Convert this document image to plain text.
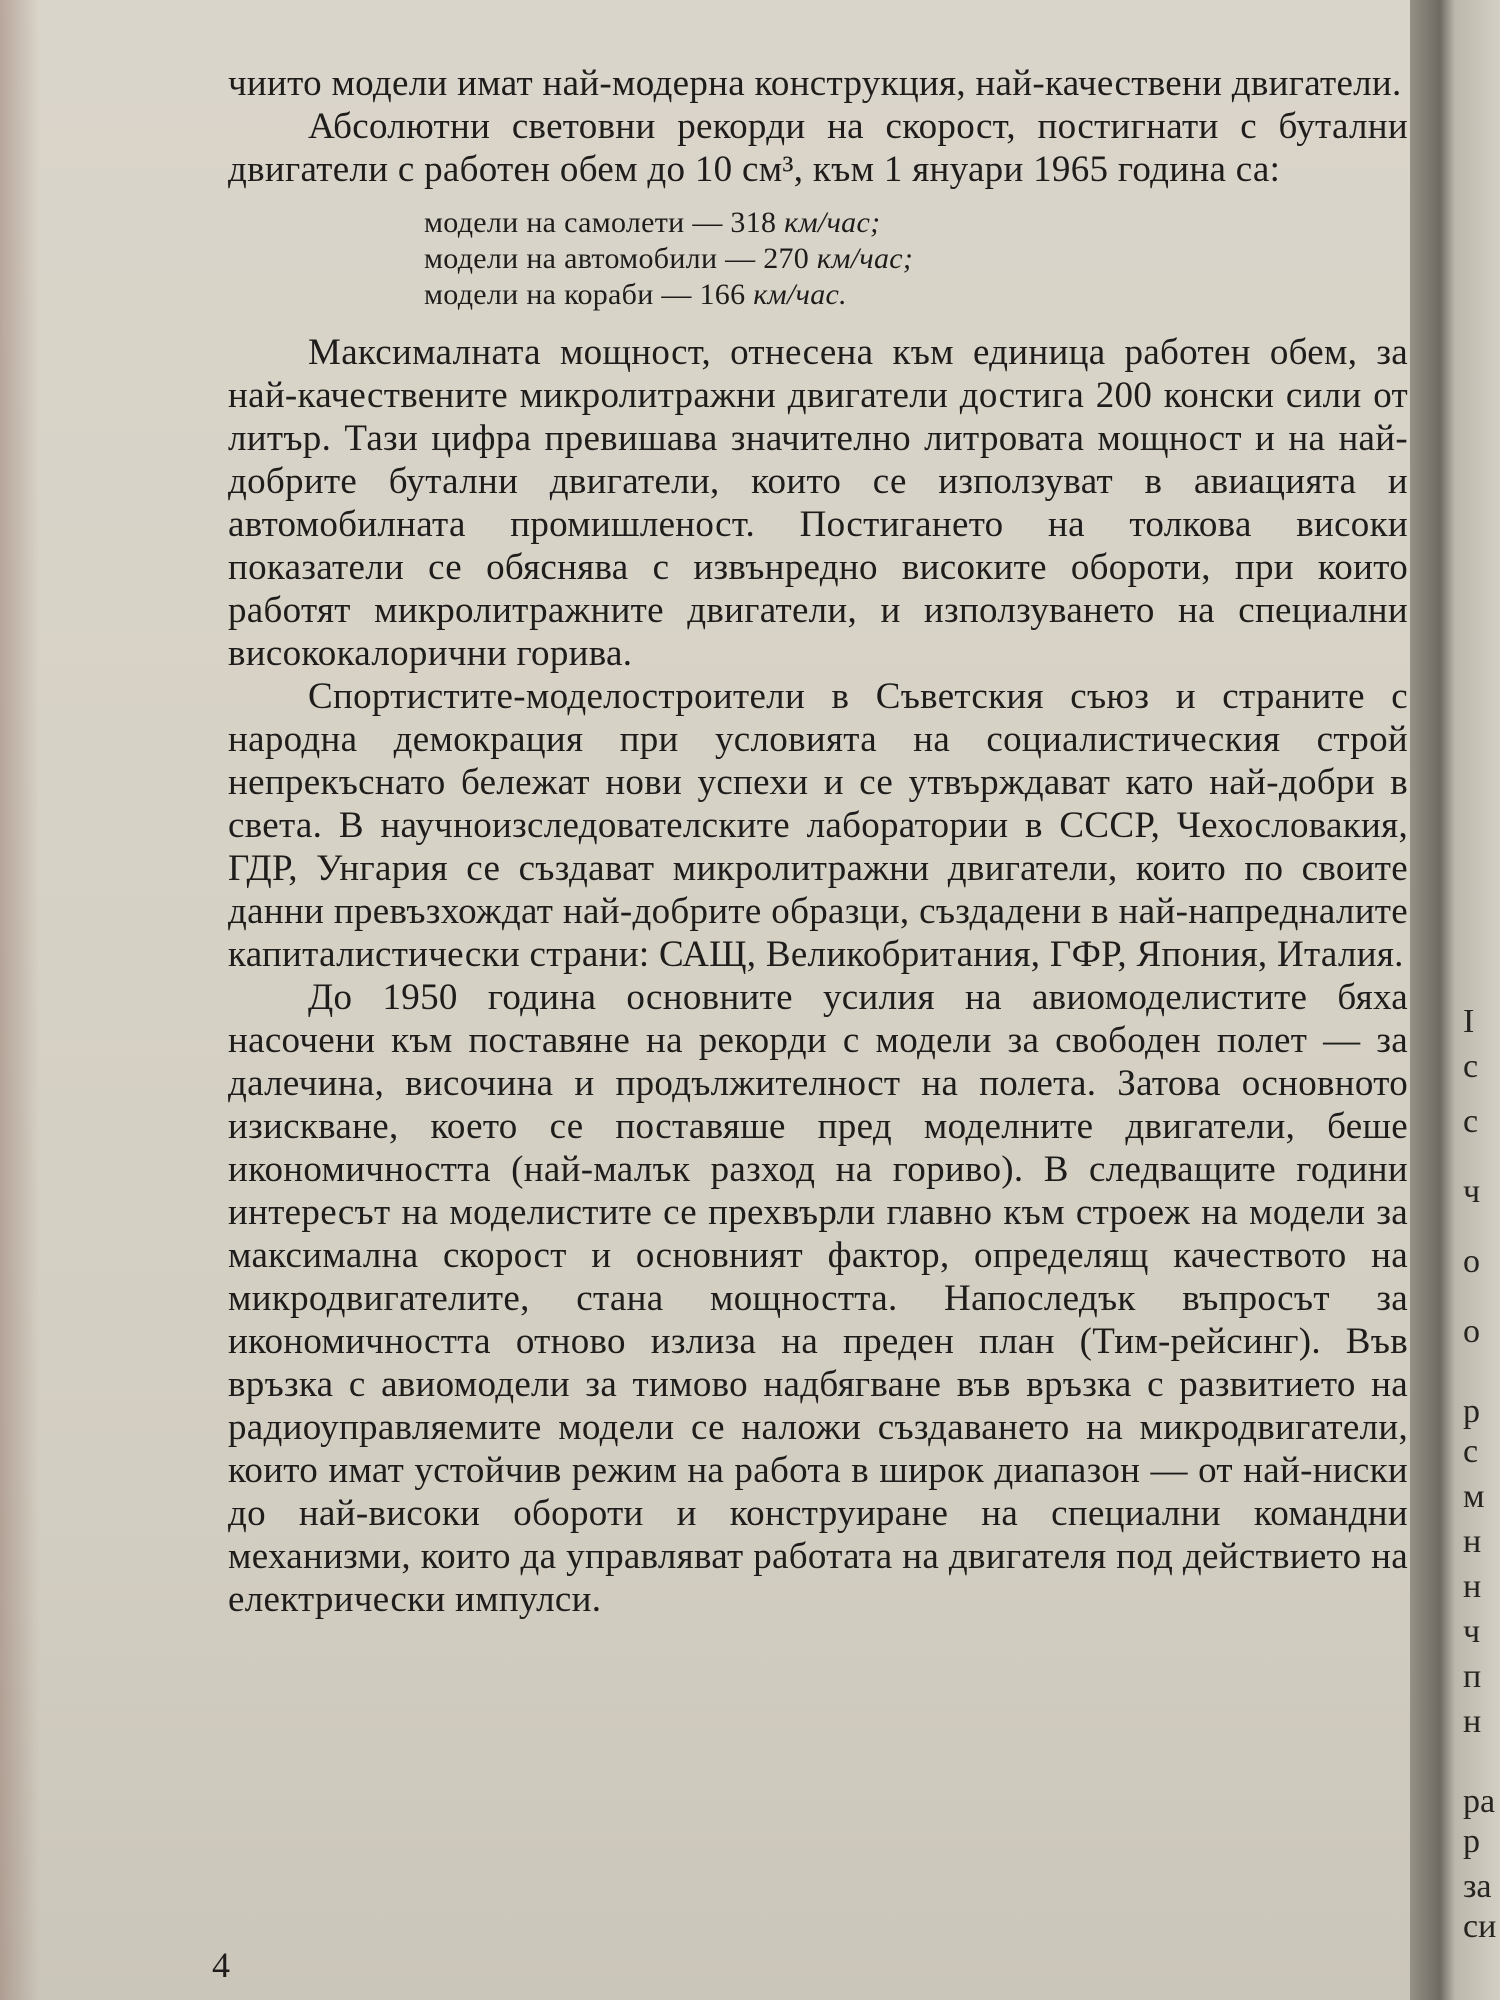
чиито модели имат най-модерна конструкция, най-качествени двигатели.

Абсолютни световни рекорди на скорост, постигнати с бутални двигатели с работен обем до 10 см³, към 1 януари 1965 година са:

модели на самолети — 318 км/час;
модели на автомобили — 270 км/час;
модели на кораби — 166 км/час.

Максималната мощност, отнесена към единица работен обем, за най-качествените микролитражни двигатели достига 200 конски сили от литър. Тази цифра превишава значително литровата мощност и на най-добрите бутални двигатели, които се използуват в авиацията и автомобилната промишленост. Постигането на толкова високи показатели се обяснява с извънредно високите обороти, при които работят микролитражните двигатели, и използуването на специални висококалорични горива.

Спортистите-моделостроители в Съветския съюз и страните с народна демокрация при условията на социалистическия строй непрекъснато бележат нови успехи и се утвърждават като най-добри в света. В научноизследователските лаборатории в СССР, Чехословакия, ГДР, Унгария се създават микролитражни двигатели, които по своите данни превъзхождат най-добрите образци, създадени в най-напредналите капиталистически страни: САЩ, Великобритания, ГФР, Япония, Италия.

До 1950 година основните усилия на авиомоделистите бяха насочени към поставяне на рекорди с модели за свободен полет — за далечина, височина и продължителност на полета. Затова основното изискване, което се поставяше пред моделните двигатели, беше икономичността (най-малък разход на гориво). В следващите години интересът на моделистите се прехвърли главно към строеж на модели за максимална скорост и основният фактор, определящ качеството на микродвигателите, стана мощността. Напоследък въпросът за икономичността отново излиза на преден план (Тим-рейсинг). Във връзка с авиомодели за тимово надбягване във връзка с развитието на радиоуправляемите модели се наложи създаването на микродвигатели, които имат устойчив режим на работа в широк диапазон — от най-ниски до най-високи обороти и конструиране на специални командни механизми, които да управляват работата на двигателя под действието на електрически импулси.

4
I
с
с
ч
о
о
р
с
м
н
н
ч
п
н
ра
р
за
си
